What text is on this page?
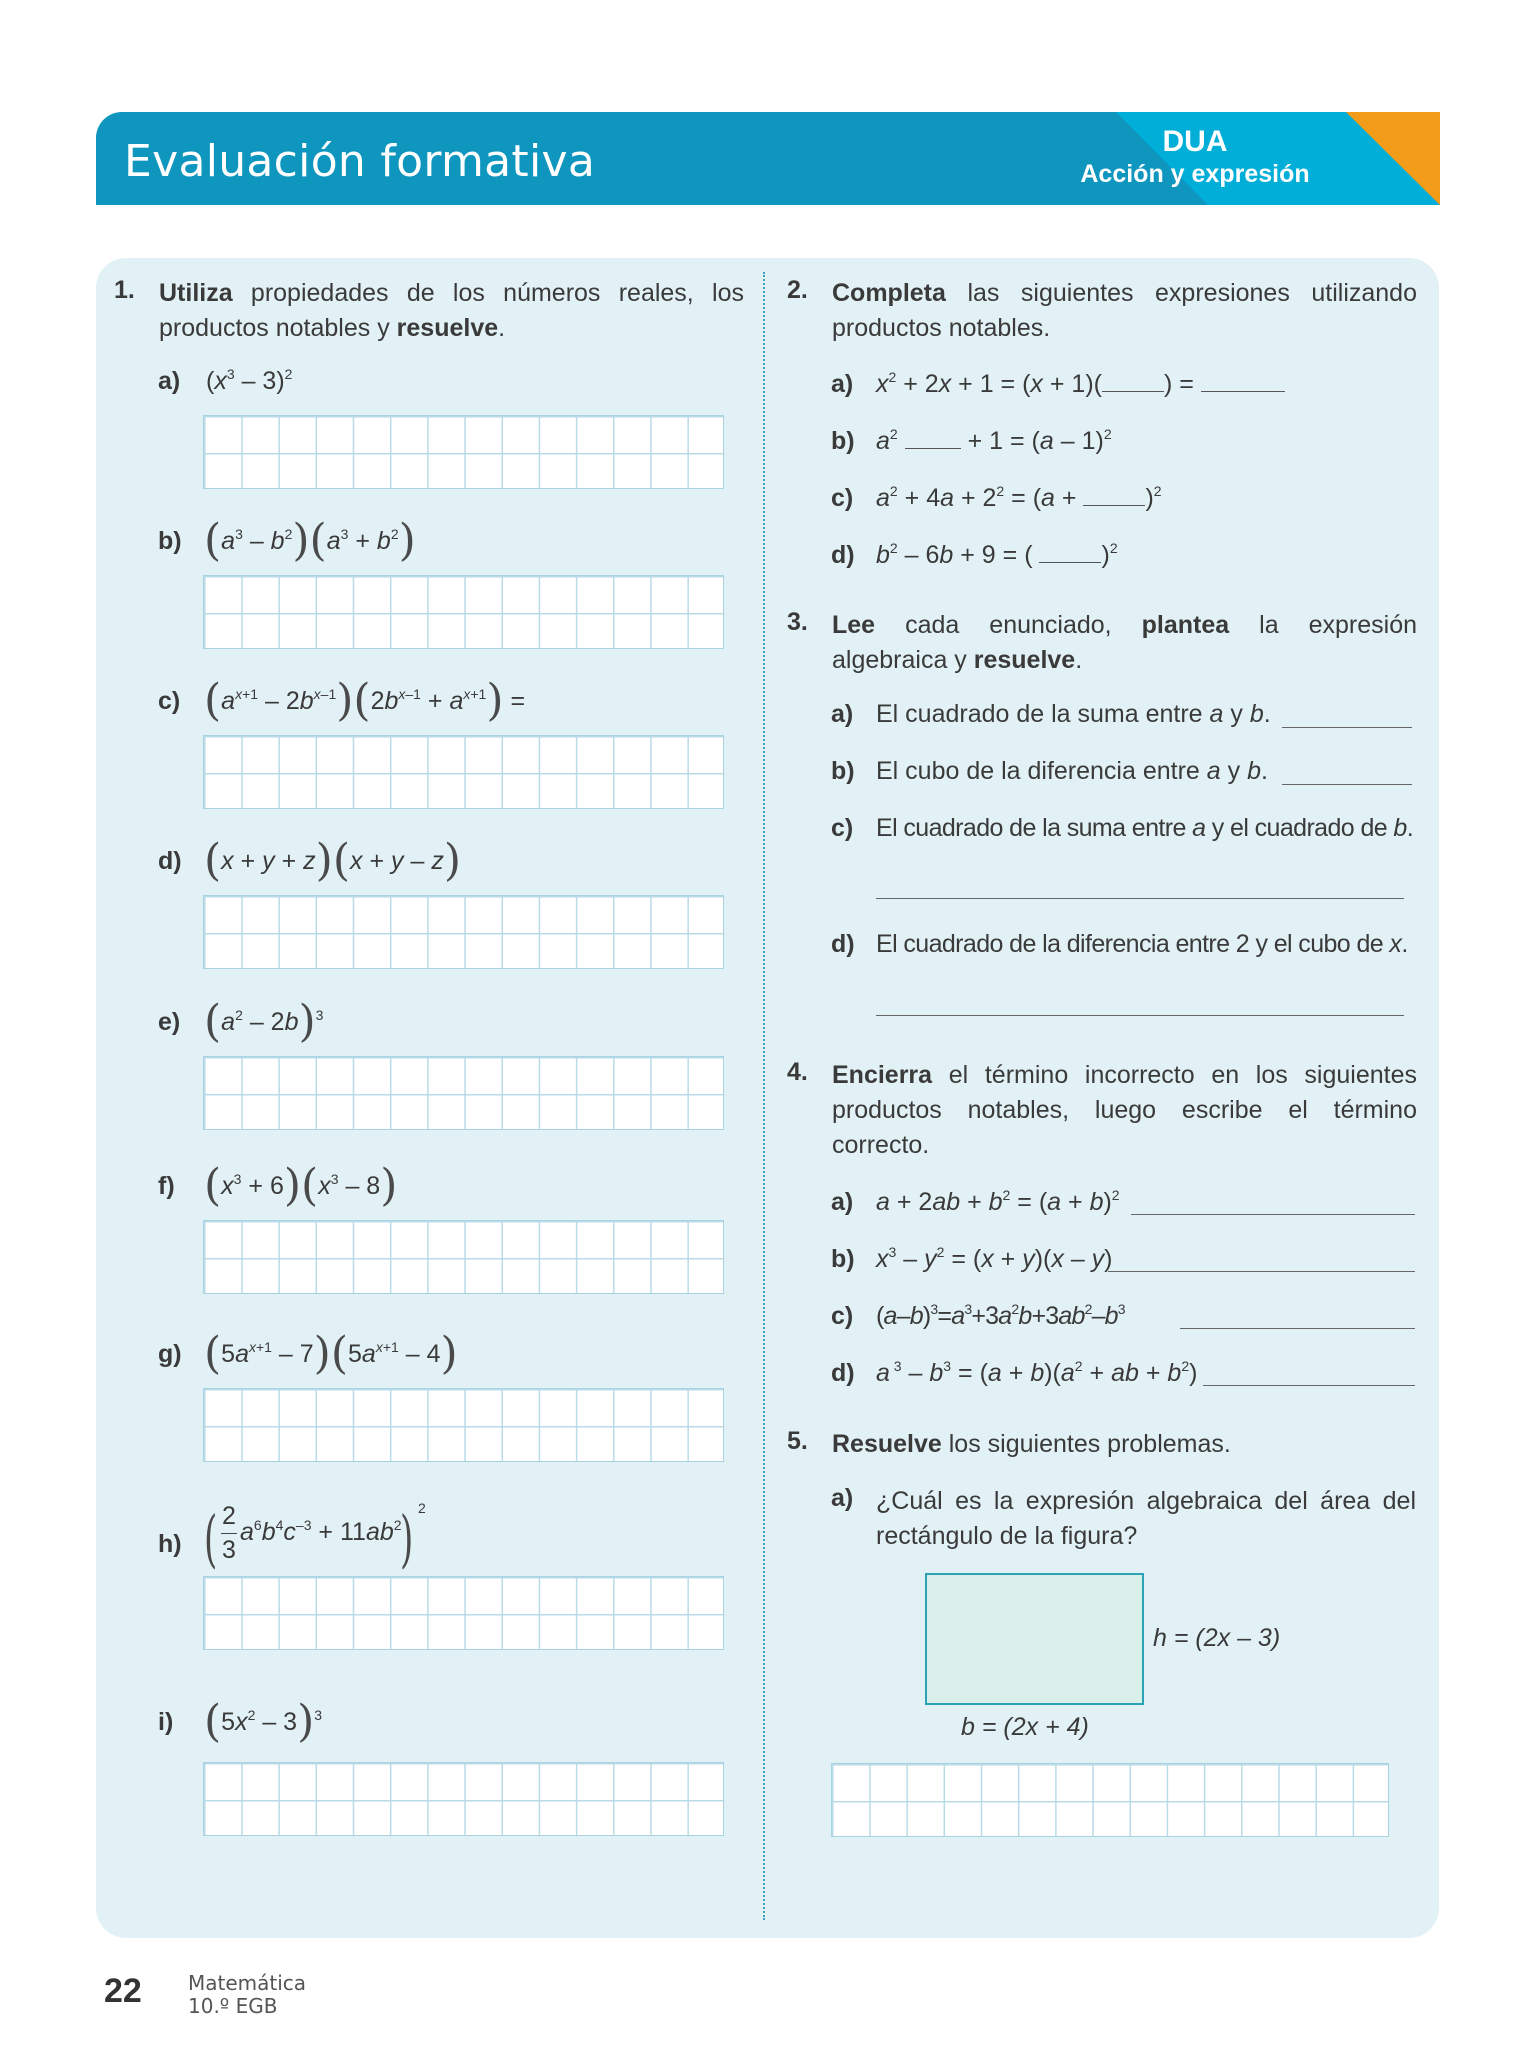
Evaluación formativa	DUA
Acción y expresión
1. Utiliza propiedades de los números reales, los productos notables y resuelve.
a) $(x^3 - 3)^2$
b) $(a^3 - b^2)(a^3 + b^2)$
c) $(a^{x+1} - 2b^{x-1})(2b^{x-1} + a^{x+1})$ =
d) (x + y + z)(x + y – z)
e) $(a^2 - 2b)^3$
f) $(x^3 + 6)(x^3 - 8)$
g) $(5a^{x+1} - 7)(5a^{x+1} - 4)$
h) ( 2
3
$a^6b^4c^{-3} + 11ab^2$
) 2
i) $(5x^2 - 3)^3$
2. Completa las siguientes expresiones utilizando productos notables.
a) $x^2 + 2x + 1 = (x + 1)$( ) =
b) $a^2$	+ 1 = (a – 1)$^2$
c) $a^2 + 4a + 2^2 = (a + )^2$
d) $b^2 - 6b + 9$ = ( )$^2$
3. Lee cada enunciado, plantea la expresión algebraica y resuelve.
a) El cuadrado de la suma entre a y b.
b) El cubo de la diferencia entre a y b.
c) El cuadrado de la suma entre a y el cuadrado de b.
d) El cuadrado de la diferencia entre 2 y el cubo de x.
4. Encierra el término incorrecto en los siguientes productos notables, luego escribe el término correcto.
a) $a + 2ab + b^2 = (a + b)^2$
b) $x^3 - y^2 = (x + y)(x - y)$
c) $(a-b)^3=a^3+3a^2b+3ab^2-b^3$
d) a $^3 - b^3 = (a + b)(a^2$ + ab + $b^2$)
5. Resuelve los siguientes problemas.
a) ¿Cuál es la expresión algebraica del área del rectángulo de la figura?
h = (2x – 3)
b = (2x + 4)
22 Matemática
10.º EGB
